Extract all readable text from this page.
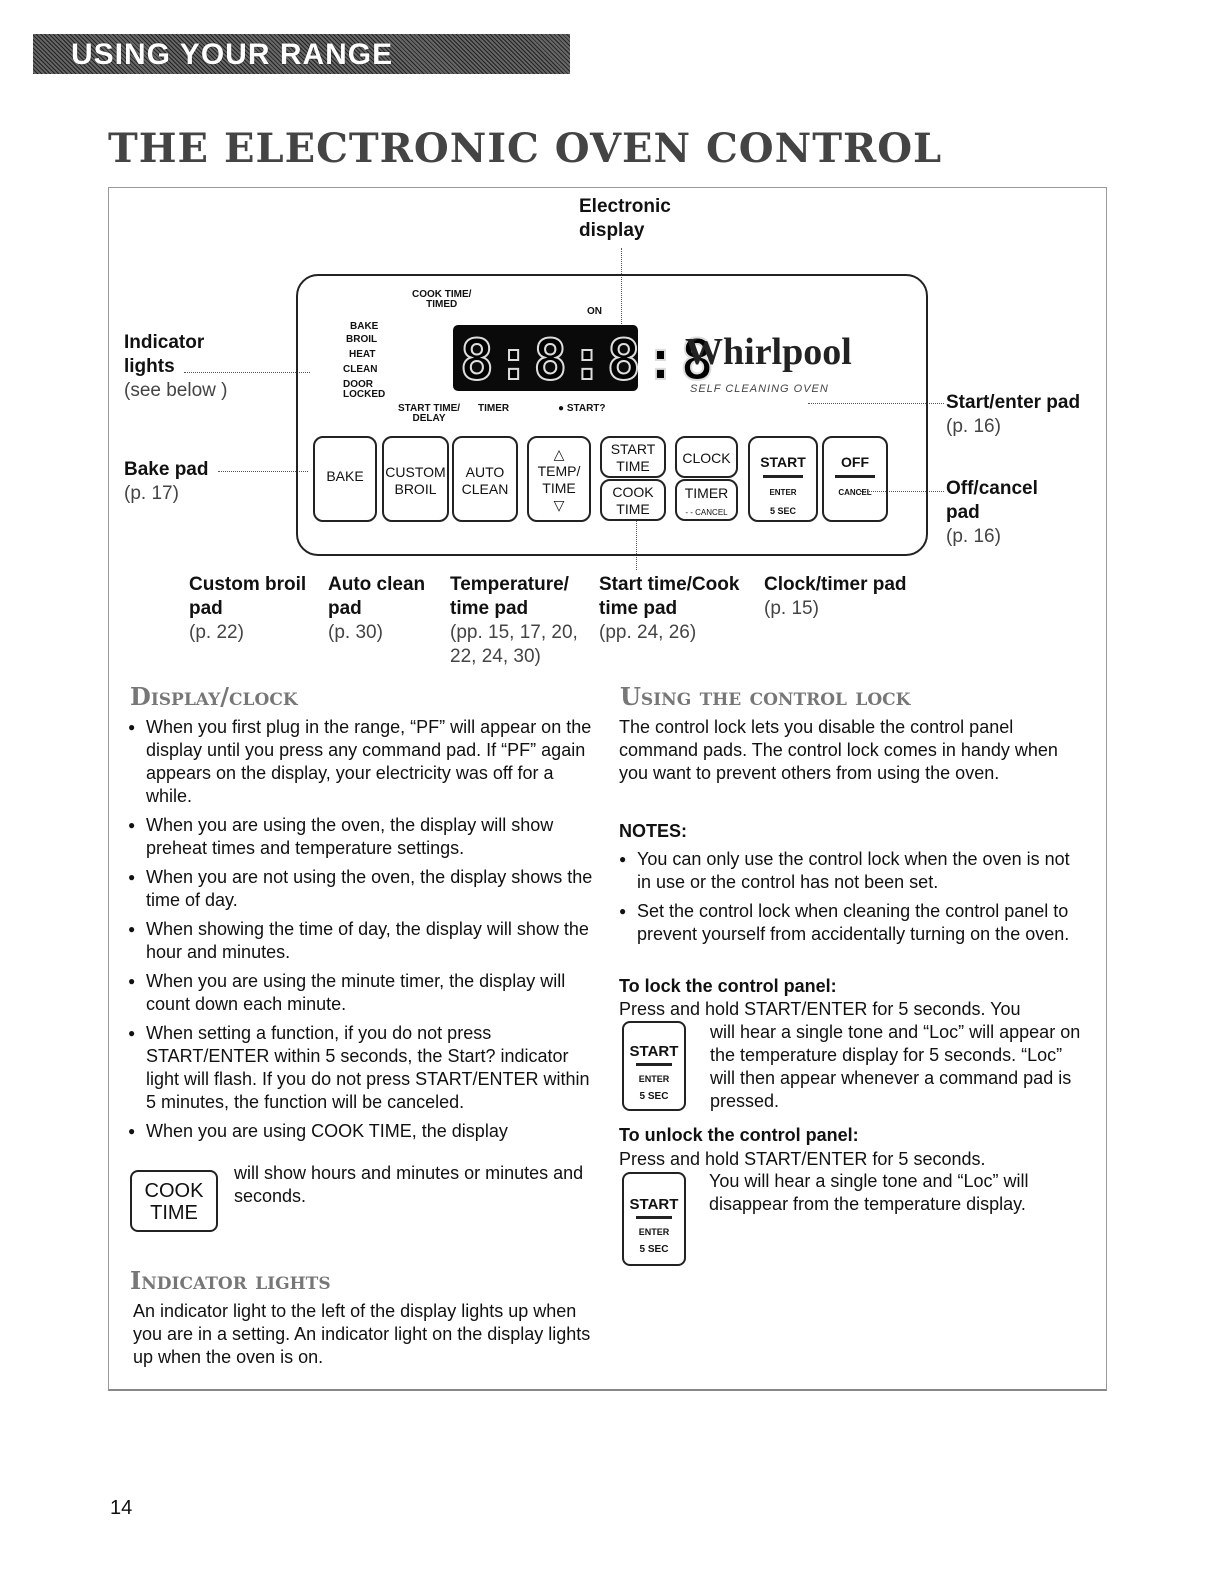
USING YOUR RANGE
THE ELECTRONIC OVEN CONTROL
Electronic
display
Indicator
lights
(see below )
Bake pad
(p. 17)
Start/enter pad
(p. 16)
Off/cancel
pad
(p. 16)
Custom broil
pad
(p. 22)
Auto clean
pad
(p. 30)
Temperature/
time pad
(pp. 15, 17, 20,
22, 24, 30)
Start time/Cook
time pad
(pp. 24, 26)
Clock/timer pad
(p. 15)
COOK TIME/
TIMED
ON
BAKE
BROIL
HEAT
CLEAN
DOOR
LOCKED
START TIME/
DELAY
TIMER	● START?
8:8:8:8
Whirlpool
SELF CLEANING OVEN
BAKE	CUSTOM
BROIL
AUTO
CLEAN
△
TEMP/
TIME
▽
START
TIME
COOK
TIME
CLOCK
TIMER
- - CANCEL
START
ENTER
5 SEC
OFF
CANCEL
Display/clock
● When you first plug in the range, “PF” will appear on the display until you press any command pad. If “PF” again appears on the display, your electricity was off for a while.
● When you are using the oven, the display will show preheat times and temperature settings.
● When you are not using the oven, the display shows the time of day.
● When showing the time of day, the display will show the hour and minutes.
● When you are using the minute timer, the display will count down each minute.
● When setting a function, if you do not press START/ENTER within 5 seconds, the Start? indicator light will flash. If you do not press START/ENTER within 5 minutes, the function will be canceled.
● When you are using COOK TIME, the display
COOK
TIME
will show hours and minutes or minutes and seconds.
Indicator lights
An indicator light to the left of the display lights up when you are in a setting. An indicator light on the display lights up when the oven is on.
Using the control lock
The control lock lets you disable the control panel command pads. The control lock comes in handy when you want to prevent others from using the oven.
NOTES:
● You can only use the control lock when the oven is not in use or the control has not been set.
● Set the control lock when cleaning the control panel to prevent yourself from accidentally turning on the oven.
To lock the control panel:
Press and hold START/ENTER for 5 seconds. You
START
ENTER
5 SEC
will hear a single tone and “Loc” will appear on the temperature display for 5 seconds. “Loc” will then appear whenever a command pad is pressed.
To unlock the control panel:
Press and hold START/ENTER for 5 seconds.
START
ENTER
5 SEC
You will hear a single tone and “Loc” will disappear from the temperature display.
14
